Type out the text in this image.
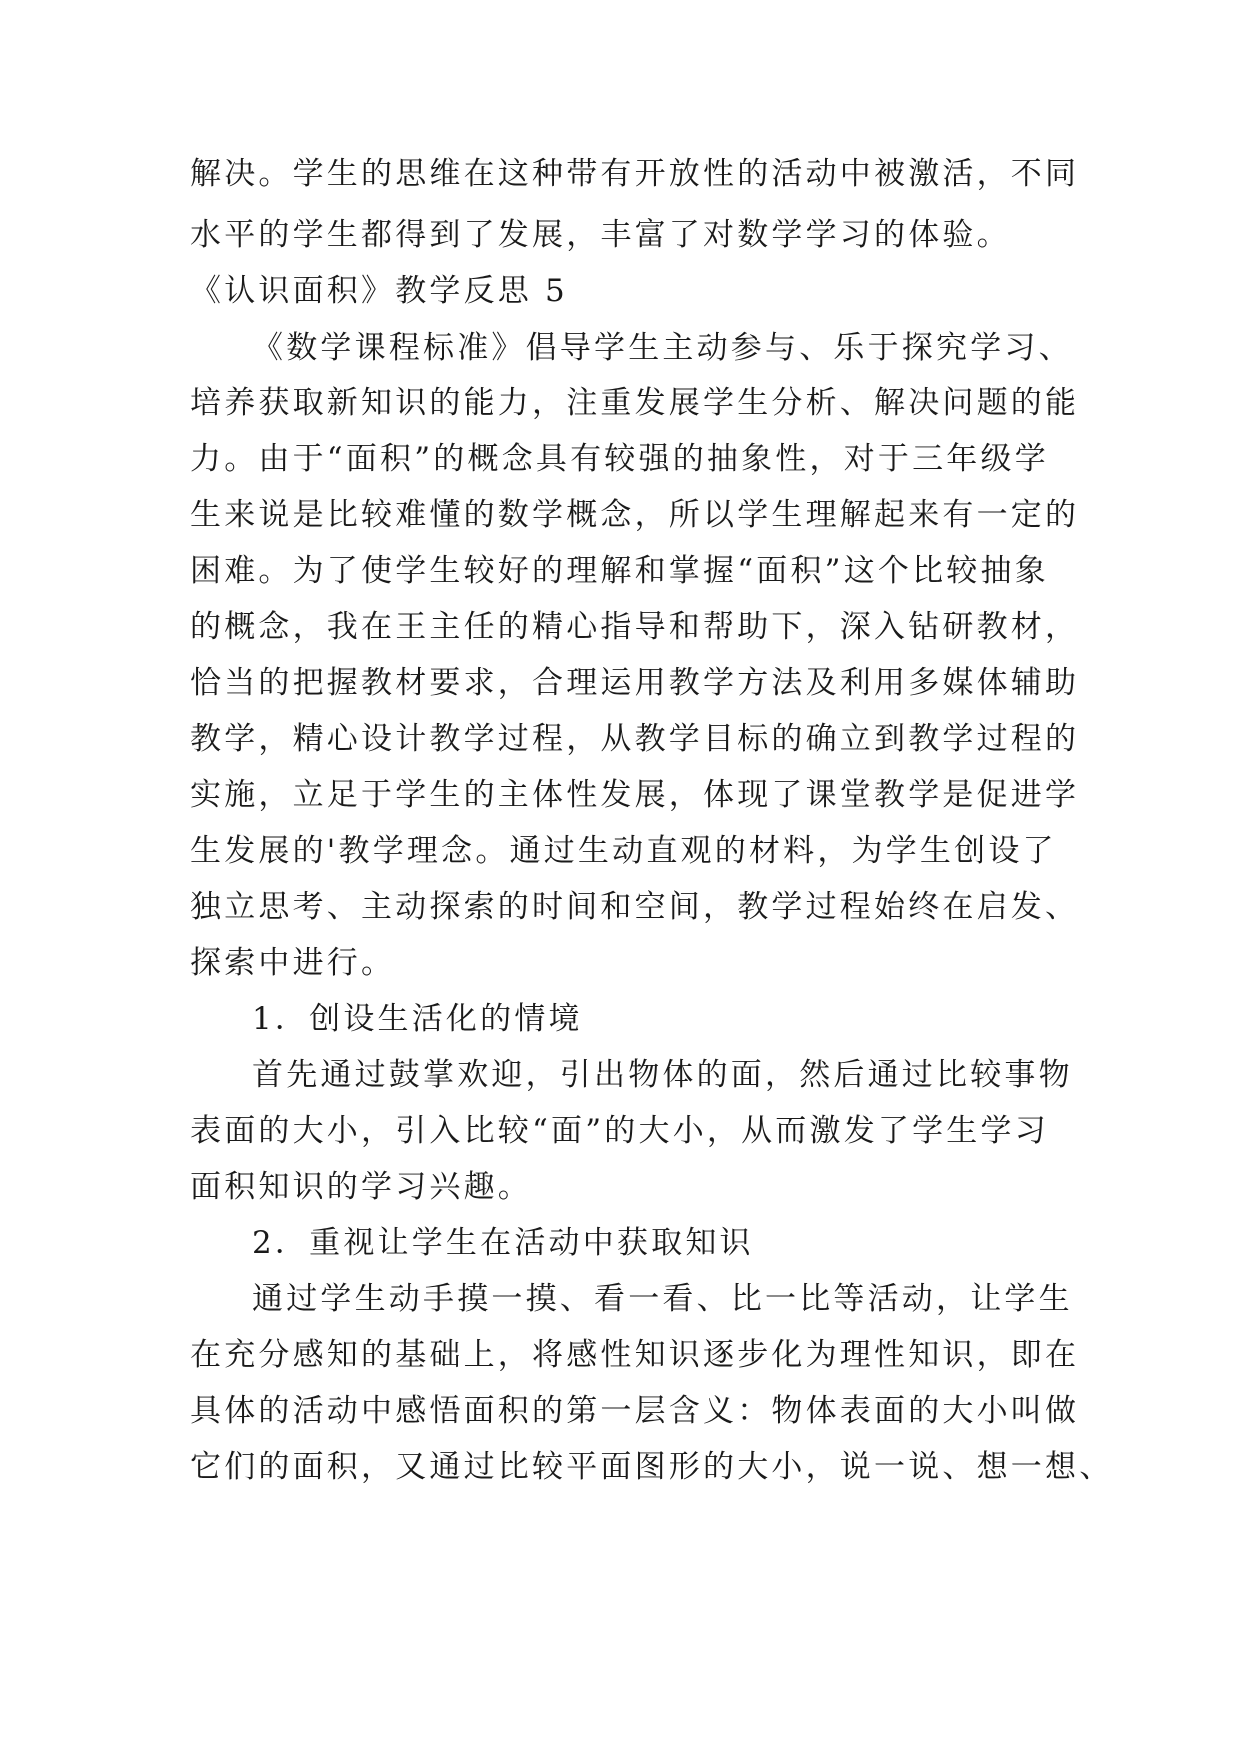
解决。学生的思维在这种带有开放性的活动中被激活，不同
水平的学生都得到了发展，丰富了对数学学习的体验。
《认识面积》教学反思 5
《数学课程标准》倡导学生主动参与、乐于探究学习、
培养获取新知识的能力，注重发展学生分析、解决问题的能
力。由于“面积”的概念具有较强的抽象性，对于三年级学
生来说是比较难懂的数学概念，所以学生理解起来有一定的
困难。为了使学生较好的理解和掌握“面积”这个比较抽象
的概念，我在王主任的精心指导和帮助下，深入钻研教材，
恰当的把握教材要求，合理运用教学方法及利用多媒体辅助
教学，精心设计教学过程，从教学目标的确立到教学过程的
实施，立足于学生的主体性发展，体现了课堂教学是促进学
生发展的'教学理念。通过生动直观的材料，为学生创设了
独立思考、主动探索的时间和空间，教学过程始终在启发、
探索中进行。
1．创设生活化的情境
首先通过鼓掌欢迎，引出物体的面，然后通过比较事物
表面的大小，引入比较“面”的大小，从而激发了学生学习
面积知识的学习兴趣。
2．重视让学生在活动中获取知识
通过学生动手摸一摸、看一看、比一比等活动，让学生
在充分感知的基础上，将感性知识逐步化为理性知识，即在
具体的活动中感悟面积的第一层含义：物体表面的大小叫做
它们的面积，又通过比较平面图形的大小，说一说、想一想、
